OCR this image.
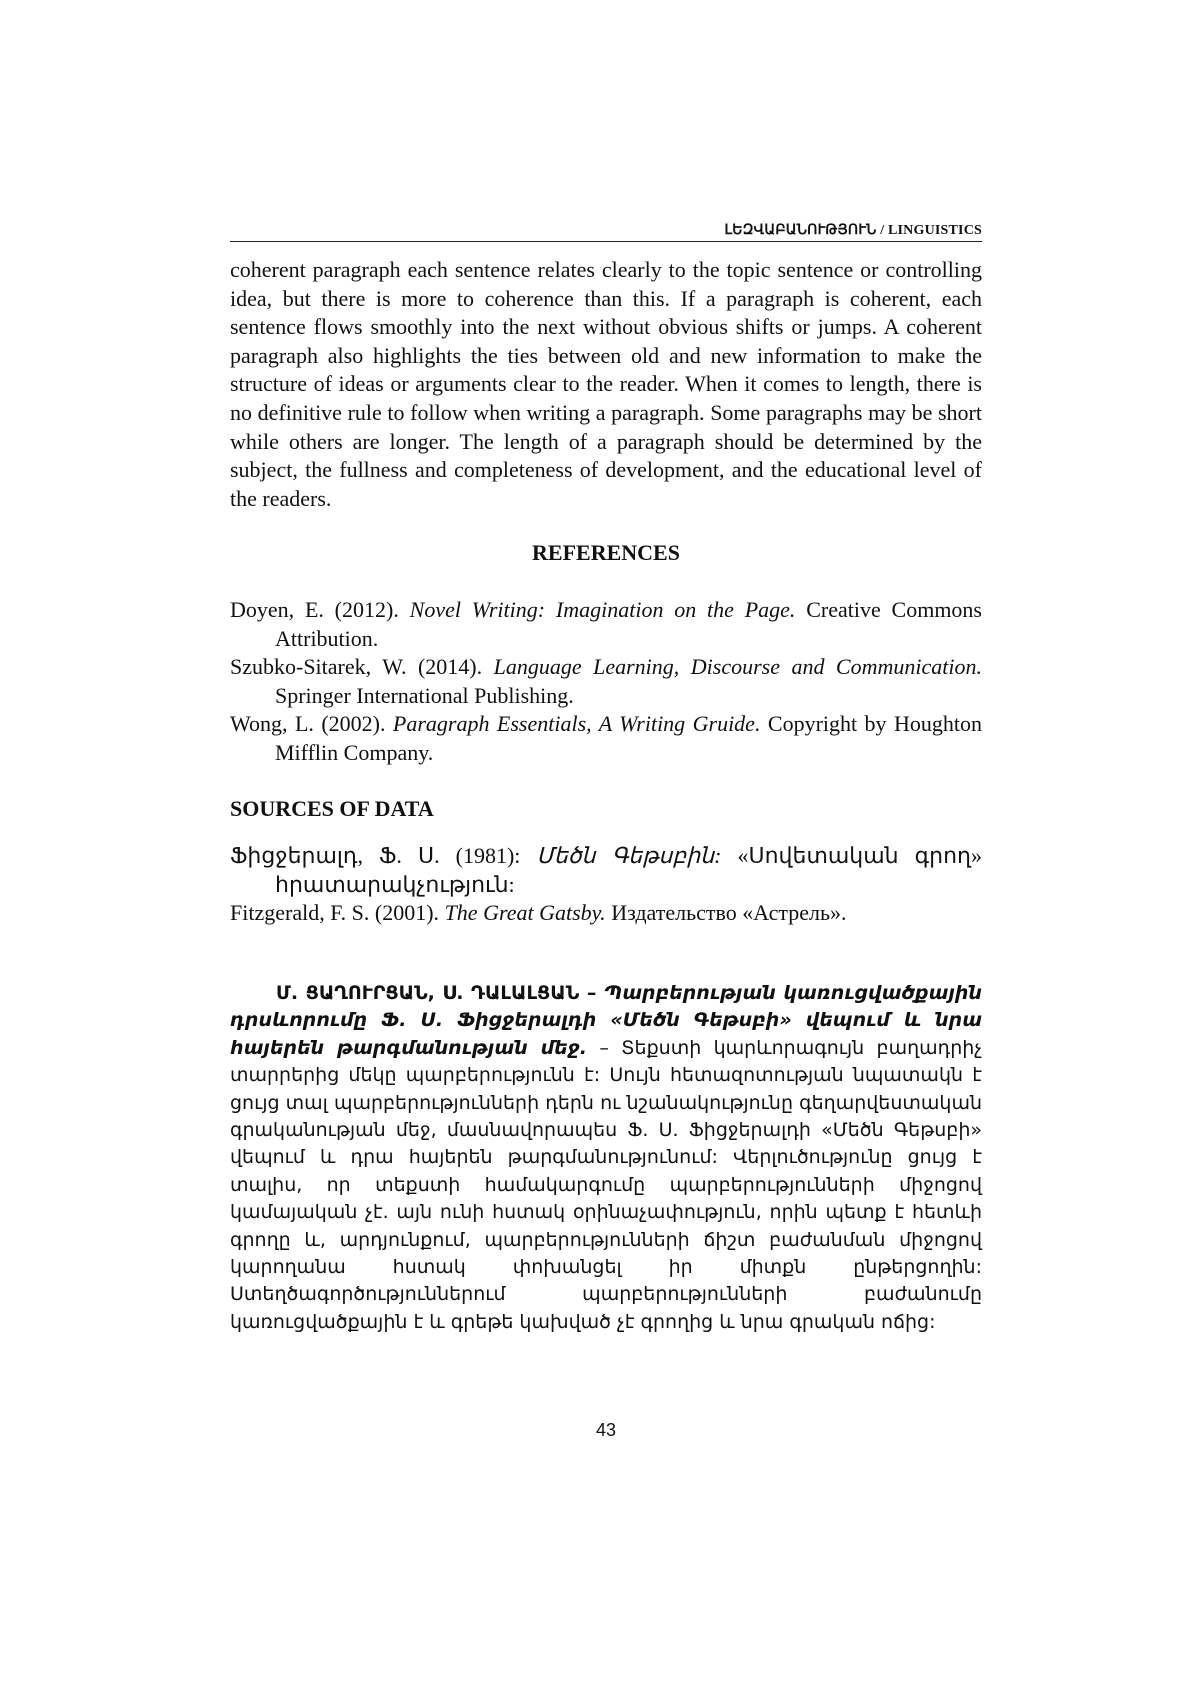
ԼԵԶՎԱԲԱՆՈՒԹՅՈՒՆ / LINGUISTICS

coherent paragraph each sentence relates clearly to the topic sentence or controlling idea, but there is more to coherence than this. If a paragraph is coherent, each sentence flows smoothly into the next without obvious shifts or jumps. A coherent paragraph also highlights the ties between old and new information to make the structure of ideas or arguments clear to the reader. When it comes to length, there is no definitive rule to follow when writing a paragraph. Some paragraphs may be short while others are longer. The length of a paragraph should be determined by the subject, the fullness and completeness of development, and the educational level of the readers.

REFERENCES
Doyen, E. (2012). Novel Writing: Imagination on the Page. Creative Commons Attribution.
Szubko-Sitarek, W. (2014). Language Learning, Discourse and Communication. Springer International Publishing.
Wong, L. (2002). Paragraph Essentials, A Writing Gruide. Copyright by Houghton Mifflin Company.
SOURCES OF DATA
Ֆիցջերալդ, Ֆ. Ս. (1981): Մեծն Գեթսբին: «Սովետական գրող» հրատարակչություն:
Fitzgerald, F. S. (2001). The Great Gatsby. Издательство «Астрель».

Մ. ՑԱՂՈՒՐՑԱՆ, Ս. ԴԱԼԱԼՑԱՆ – Պարբերության կառուցվածքային դրսևորումը Ֆ. Ս. Ֆիցջերալդի «Մեծն Գեթսբի» վեպում և նրա հայերեն թարգմանության մեջ. – Տեքստի կարևորագույն բաղադրիչ տարրերից մեկը պարբերությունն է: Սույն հետազոտության նպատակն է ցույց տալ պարբերությունների դերն ու նշանակությունը գեղարվեստական գրականության մեջ, մասնավորապես Ֆ. Ս. Ֆիցջերալդի «Մեծն Գեթսբի» վեպում և դրա հայերեն թարգմանությունում: Վերլուծությունը ցույց է տալիս, որ տեքստի համակարգումը պարբերությունների միջոցով կամայական չէ. այն ունի հստակ օրինաչափություն, որին պետք է հետևի գրողը և, արդյունքում, պարբերությունների ճիշտ բաժանման միջոցով կարողանա հստակ փոխանցել իր միտքն ընթերցողին: Ստեղծագործություններում պարբերությունների բաժանումը կառուցվածքային է և գրեթե կախված չէ գրողից և նրա գրական ոճից:

43
